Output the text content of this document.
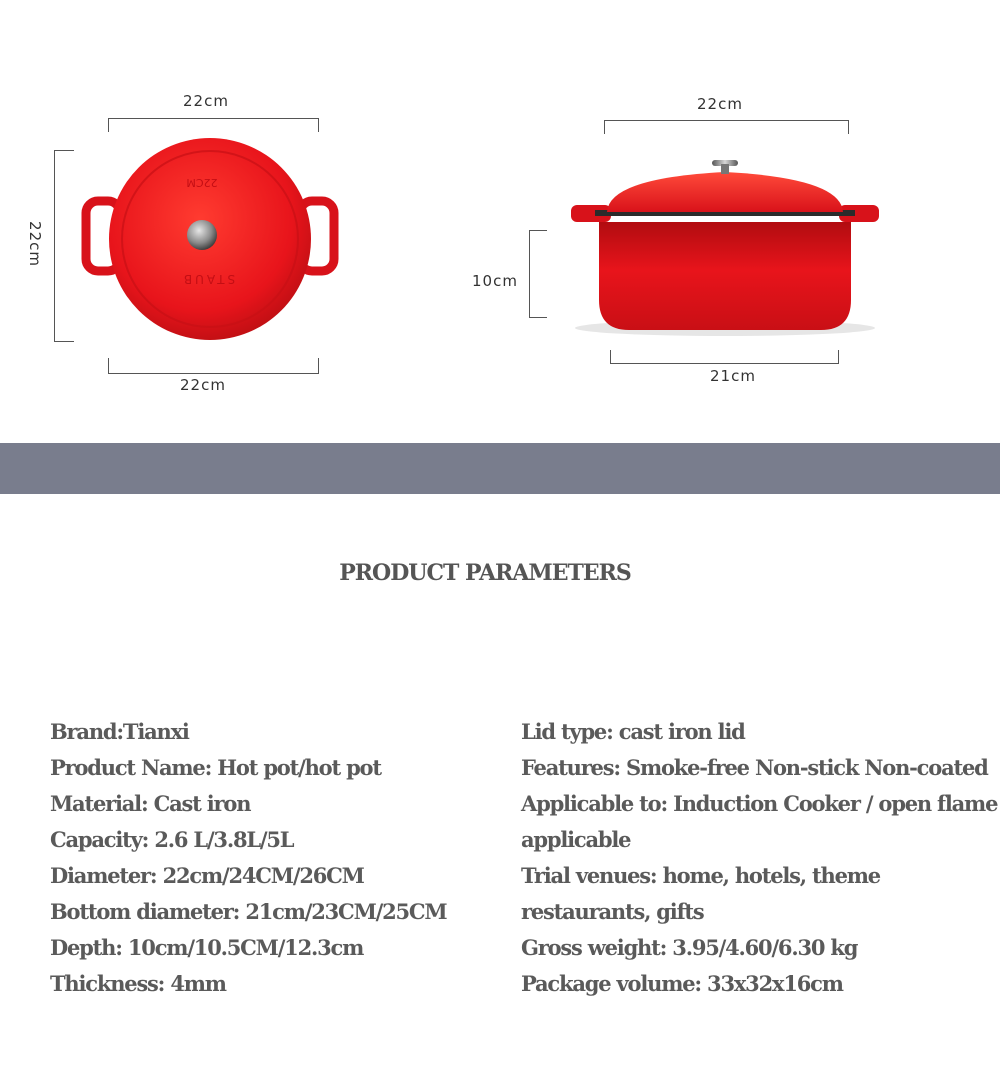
22cm
22cm
22cm
22CM
STAUB
22cm
10cm
21cm
PRODUCT PARAMETERS
Brand:Tianxi
Product Name: Hot pot/hot pot
Material: Cast iron
Capacity: 2.6 L/3.8L/5L
Diameter: 22cm/24CM/26CM
Bottom diameter: 21cm/23CM/25CM
Depth: 10cm/10.5CM/12.3cm
Thickness: 4mm
Lid type: cast iron lid
Features: Smoke-free Non-stick Non-coated
Applicable to: Induction Cooker / open flame
applicable
Trial venues: home, hotels, theme
restaurants, gifts
Gross weight: 3.95/4.60/6.30 kg
Package volume: 33x32x16cm
